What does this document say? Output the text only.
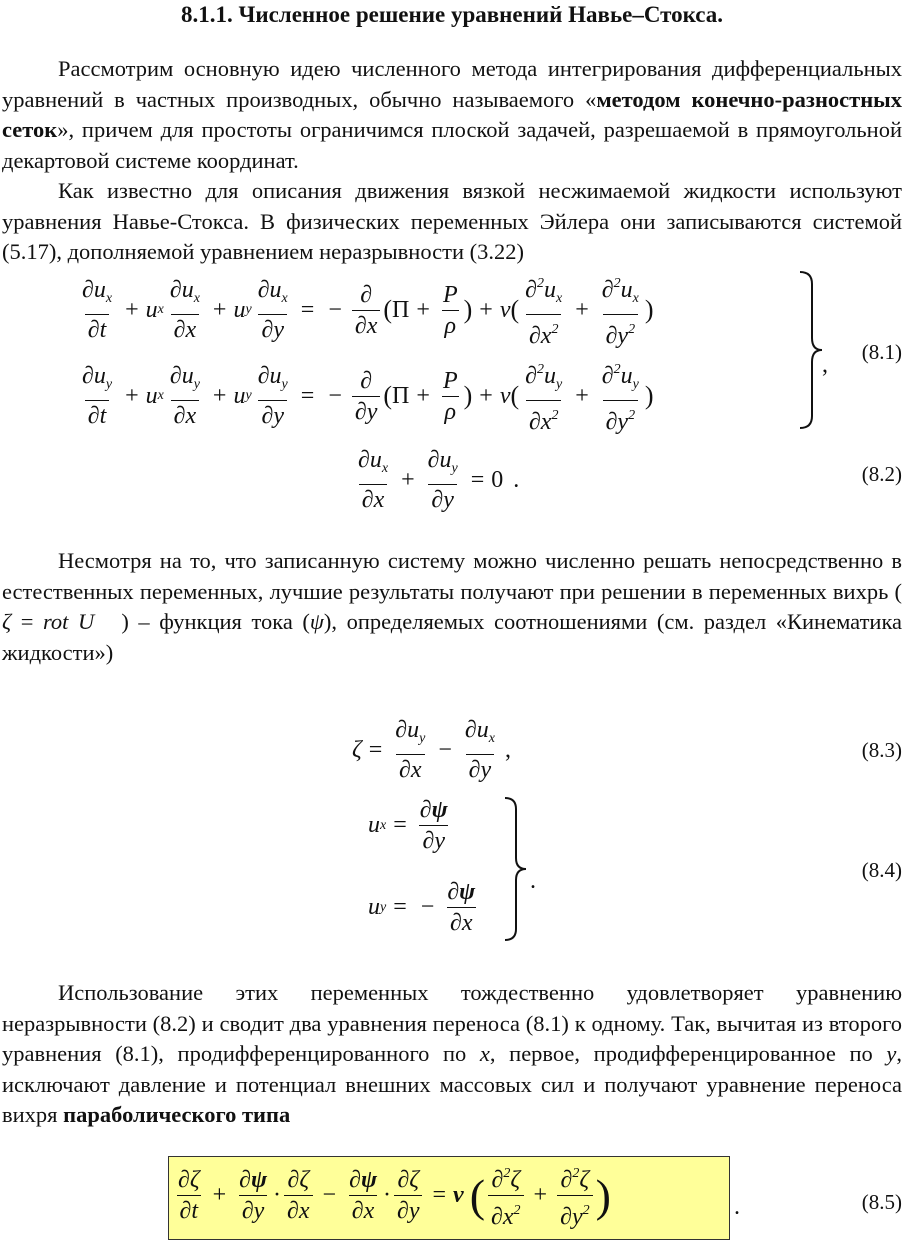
8.1.1. Численное решение уравнений Навье–Стокса.

Рассмотрим основную идею численного метода интегрирования дифференциальных уравнений в частных производных, обычно называемого «методом конечно-разностных сеток», причем для простоты ограничимся плоской задачей, разрешаемой в прямоугольной декартовой системе координат.

Как известно для описания движения вязкой несжимаемой жидкости используют уравнения Навье-Стокса. В физических переменных Эйлера они записываются системой (5.17), дополняемой уравнением неразрывности (3.22)

$\frac{\partial u_x}{\partial t} + u$ x $\frac{\partial u_x}{\partial x} + u$ y $\frac{\partial u_x}{\partial y}$ = − $\frac{\partial}{\partial x}$ ( $\Pi + \frac{P}{\rho}$ ) + ν ( $\frac{\partial^2u_x}{\partial x^2} + \frac{\partial^2u_x}{\partial y^2}$ )
$\frac{\partial u_y}{\partial t} + u$ x $\frac{\partial u_y}{\partial x} + u$ y $\frac{\partial u_y}{\partial y}$ = − $\frac{\partial}{\partial y}$ ( $\Pi + \frac{P}{\rho}$ ) + ν ( $\frac{\partial^2u_y}{\partial x^2} + \frac{\partial^2u_y}{\partial y^2}$ )
, (8.1)
$\frac{\partial u_x}{\partial x} + \frac{\partial u_y}{\partial y} = 0$ .	(8.2)

Несмотря на то, что записанную систему можно численно решать непосредственно в естественных переменных, лучшие результаты получают при решении в переменных вихрь ( ζ = rot U⃗ ) – функция тока (ψ), определяемых соотношениями (см. раздел «Кинематика жидкости»)

$\zeta = \frac{\partial u_y}{\partial x} - \frac{\partial u_x}{\partial y}$ ,	(8.3)
u $x = \frac{\partial\psi}{\partial y}$
u y = − $\frac{\partial\psi}{\partial x}$ .	(8.4)

Использование этих переменных тождественно удовлетворяет уравнению неразрывности (8.2) и сводит два уравнения переноса (8.1) к одному. Так, вычитая из второго уравнения (8.1), продифференцированного по x, первое, продифференцированное по y, исключают давление и потенциал внешних массовых сил и получают уравнение переноса вихря параболического типа

$\frac{\partial\zeta}{\partial t} + \frac{\partial\psi}{\partial y} \cdot \frac{\partial\zeta}{\partial x} - \frac{\partial\psi}{\partial x} \cdot \frac{\partial\zeta}{\partial y} = \nu$ ( $\frac{\partial^2\zeta}{\partial x^2} + \frac{\partial^2\zeta}{\partial y^2}$ )	.	(8.5)
